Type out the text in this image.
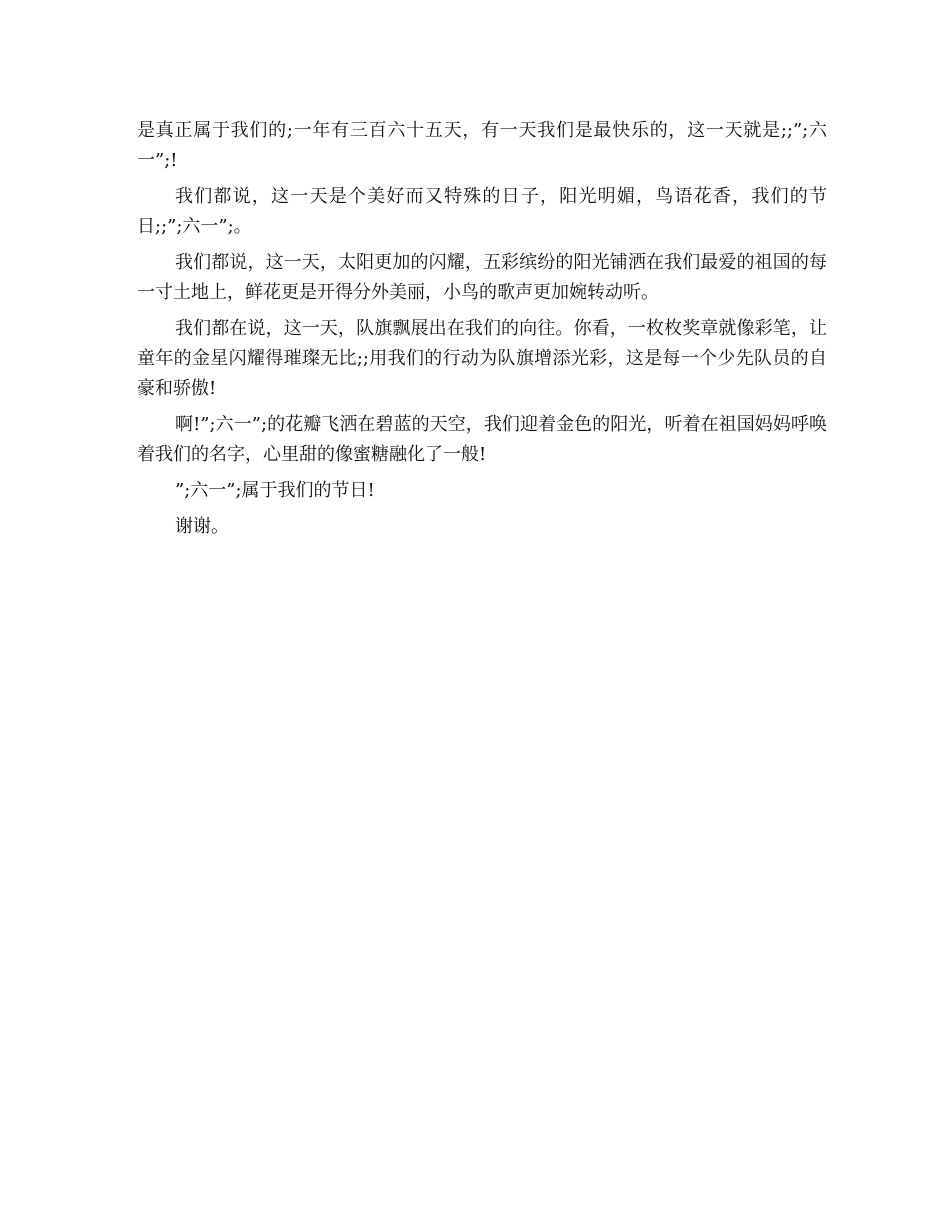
是真正属于我们的;一年有三百六十五天，有一天我们是最快乐的，这一天就是;;”;六一”;!

我们都说，这一天是个美好而又特殊的日子，阳光明媚，鸟语花香，我们的节日;;”;六一”;。

我们都说，这一天，太阳更加的闪耀，五彩缤纷的阳光铺洒在我们最爱的祖国的每一寸土地上，鲜花更是开得分外美丽，小鸟的歌声更加婉转动听。

我们都在说，这一天，队旗飘展出在我们的向往。你看，一枚枚奖章就像彩笔，让童年的金星闪耀得璀璨无比;;用我们的行动为队旗增添光彩，这是每一个少先队员的自豪和骄傲!

啊!”;六一”;的花瓣飞洒在碧蓝的天空，我们迎着金色的阳光，听着在祖国妈妈呼唤着我们的名字，心里甜的像蜜糖融化了一般!

”;六一”;属于我们的节日!

谢谢。
